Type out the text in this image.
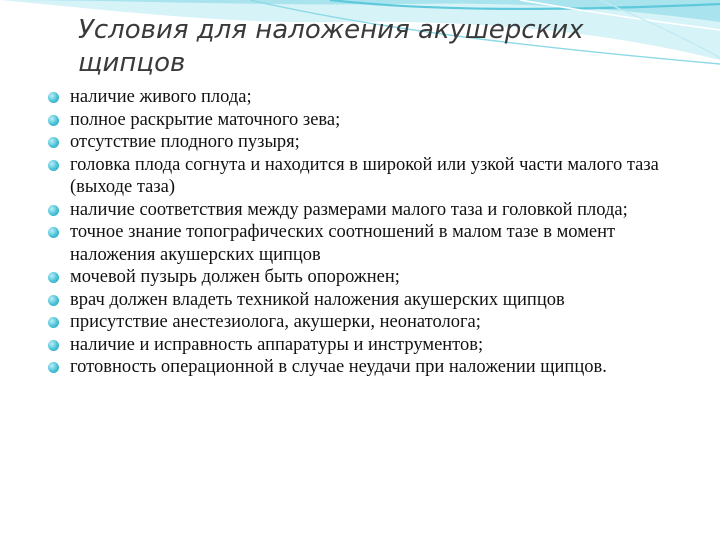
Условия для наложения акушерских щипцов
наличие живого плода;
полное раскрытие маточного зева;
отсутствие плодного пузыря;
головка плода согнута и находится в широкой или узкой части малого таза (выходе таза)
наличие соответствия между размерами малого таза и головкой плода;
точное знание топографических соотношений в малом тазе в момент наложения акушерских щипцов
мочевой пузырь должен быть опорожнен;
врач должен владеть техникой наложения акушерских щипцов
присутствие анестезиолога, акушерки, неонатолога;
наличие и исправность аппаратуры и инструментов;
готовность операционной в случае неудачи при наложении щипцов.
